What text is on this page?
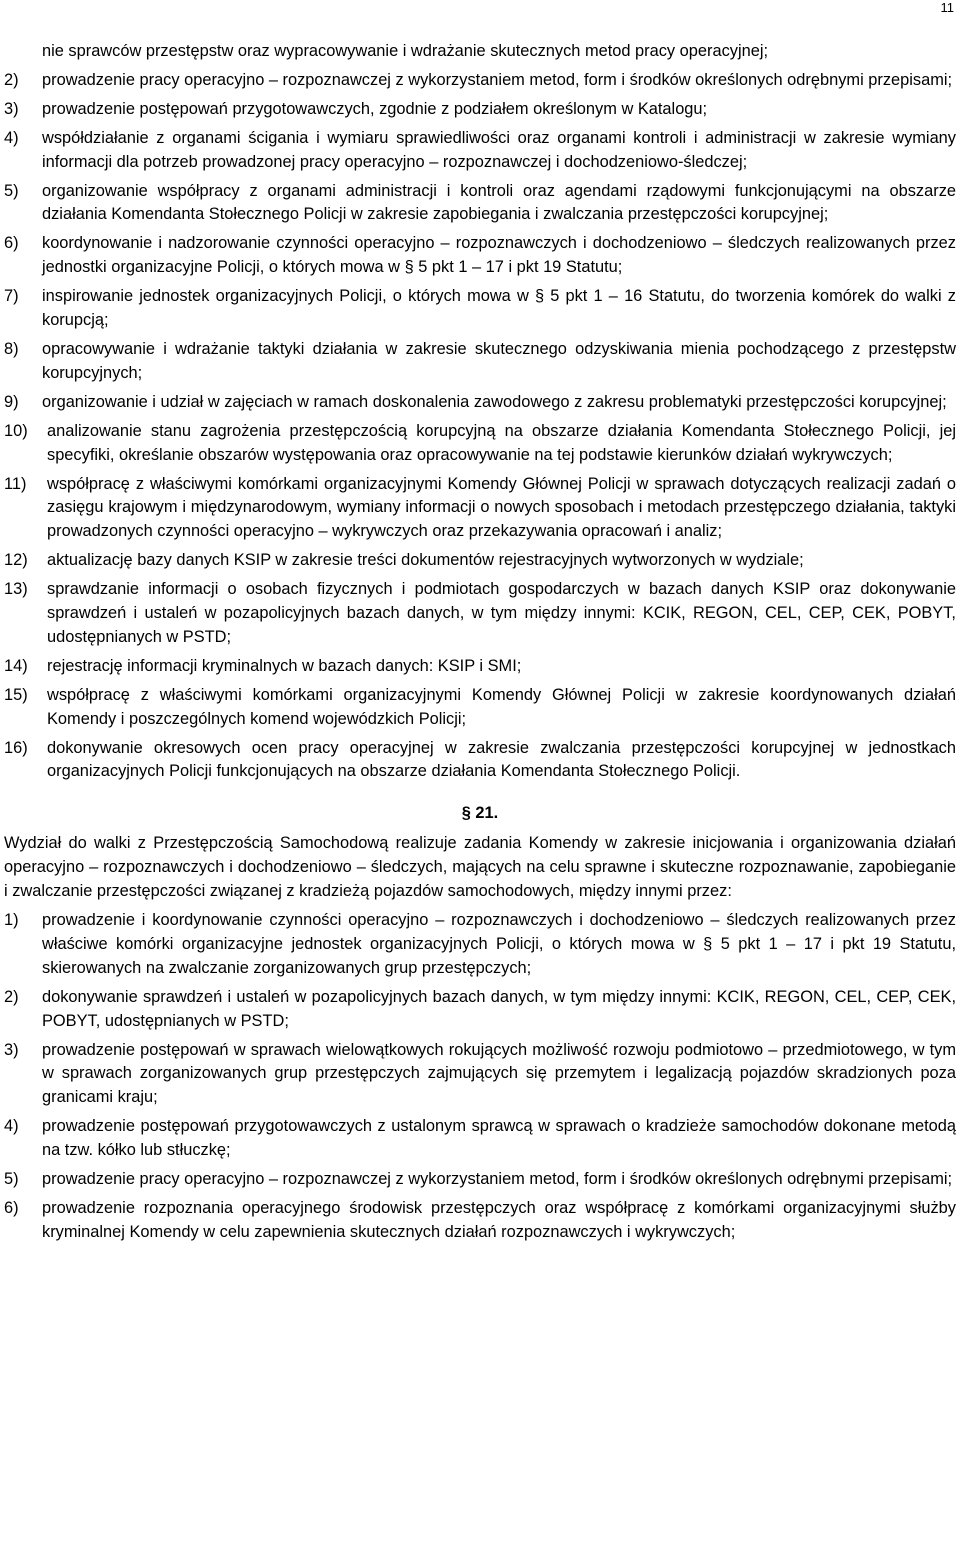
11
nie sprawców przestępstw oraz wypracowywanie i wdrażanie skutecznych metod pracy operacyjnej;
2)	prowadzenie pracy operacyjno – rozpoznawczej z wykorzystaniem metod, form i środków określonych odrębnymi przepisami;
3)	prowadzenie postępowań przygotowawczych, zgodnie z podziałem określonym w Katalogu;
4)	współdziałanie z organami ścigania i wymiaru sprawiedliwości oraz organami kontroli i administracji w zakresie wymiany informacji dla potrzeb prowadzonej pracy operacyjno – rozpoznawczej i dochodzeniowo-śledczej;
5)	organizowanie współpracy z organami administracji i kontroli oraz agendami rządowymi funkcjonującymi na obszarze działania Komendanta Stołecznego Policji w zakresie zapobiegania i zwalczania przestępczości korupcyjnej;
6)	koordynowanie i nadzorowanie czynności operacyjno – rozpoznawczych i dochodzeniowo – śledczych realizowanych przez jednostki organizacyjne Policji, o których mowa w § 5 pkt 1 – 17 i pkt 19 Statutu;
7)	inspirowanie jednostek organizacyjnych Policji, o których mowa w § 5 pkt 1 – 16 Statutu, do tworzenia komórek do walki z korupcją;
8)	opracowywanie i wdrażanie taktyki działania w zakresie skutecznego odzyskiwania mienia pochodzącego z przestępstw korupcyjnych;
9)	organizowanie i udział w zajęciach w ramach doskonalenia zawodowego z zakresu problematyki przestępczości korupcyjnej;
10)	analizowanie stanu zagrożenia przestępczością korupcyjną na obszarze działania Komendanta Stołecznego Policji, jej specyfiki, określanie obszarów występowania oraz opracowywanie na tej podstawie kierunków działań wykrywczych;
11)	współpracę z właściwymi komórkami organizacyjnymi Komendy Głównej Policji w sprawach dotyczących realizacji zadań o zasięgu krajowym i międzynarodowym, wymiany informacji o nowych sposobach i metodach przestępczego działania, taktyki prowadzonych czynności operacyjno – wykrywczych oraz przekazywania opracowań i analiz;
12)	aktualizację bazy danych KSIP w zakresie treści dokumentów rejestracyjnych wytworzonych w wydziale;
13)	sprawdzanie informacji o osobach fizycznych i podmiotach gospodarczych w bazach danych KSIP oraz dokonywanie sprawdzeń i ustaleń w pozapolicyjnych bazach danych, w tym między innymi: KCIK, REGON, CEL, CEP, CEK, POBYT, udostępnianych w PSTD;
14)	rejestrację informacji kryminalnych w bazach danych: KSIP i SMI;
15)	współpracę z właściwymi komórkami organizacyjnymi Komendy Głównej Policji w zakresie koordynowanych działań Komendy i poszczególnych komend wojewódzkich Policji;
16)	dokonywanie okresowych ocen pracy operacyjnej w zakresie zwalczania przestępczości korupcyjnej w jednostkach organizacyjnych Policji funkcjonujących na obszarze działania Komendanta Stołecznego Policji.
§ 21.
Wydział do walki z Przestępczością Samochodową realizuje zadania Komendy w zakresie inicjowania i organizowania działań operacyjno – rozpoznawczych i dochodzeniowo – śledczych, mających na celu sprawne i skuteczne rozpoznawanie, zapobieganie i zwalczanie przestępczości związanej z kradzieżą pojazdów samochodowych, między innymi przez:
1)	prowadzenie i koordynowanie czynności operacyjno – rozpoznawczych i dochodzeniowo – śledczych realizowanych przez właściwe komórki organizacyjne jednostek organizacyjnych Policji, o których mowa w § 5 pkt 1 – 17 i pkt 19 Statutu, skierowanych na zwalczanie zorganizowanych grup przestępczych;
2)	dokonywanie sprawdzeń i ustaleń w pozapolicyjnych bazach danych, w tym między innymi: KCIK, REGON, CEL, CEP, CEK, POBYT, udostępnianych w PSTD;
3)	prowadzenie postępowań w sprawach wielowątkowych rokujących możliwość rozwoju podmiotowo – przedmiotowego, w tym w sprawach zorganizowanych grup przestępczych zajmujących się przemytem i legalizacją pojazdów skradzionych poza granicami kraju;
4)	prowadzenie postępowań przygotowawczych z ustalonym sprawcą w sprawach o kradzieże samochodów dokonane metodą na tzw. kółko lub stłuczkę;
5)	prowadzenie pracy operacyjno – rozpoznawczej z wykorzystaniem metod, form i środków określonych odrębnymi przepisami;
6)	prowadzenie rozpoznania operacyjnego środowisk przestępczych oraz współpracę z komórkami organizacyjnymi służby kryminalnej Komendy w celu zapewnienia skutecznych działań rozpoznawczych i wykrywczych;
